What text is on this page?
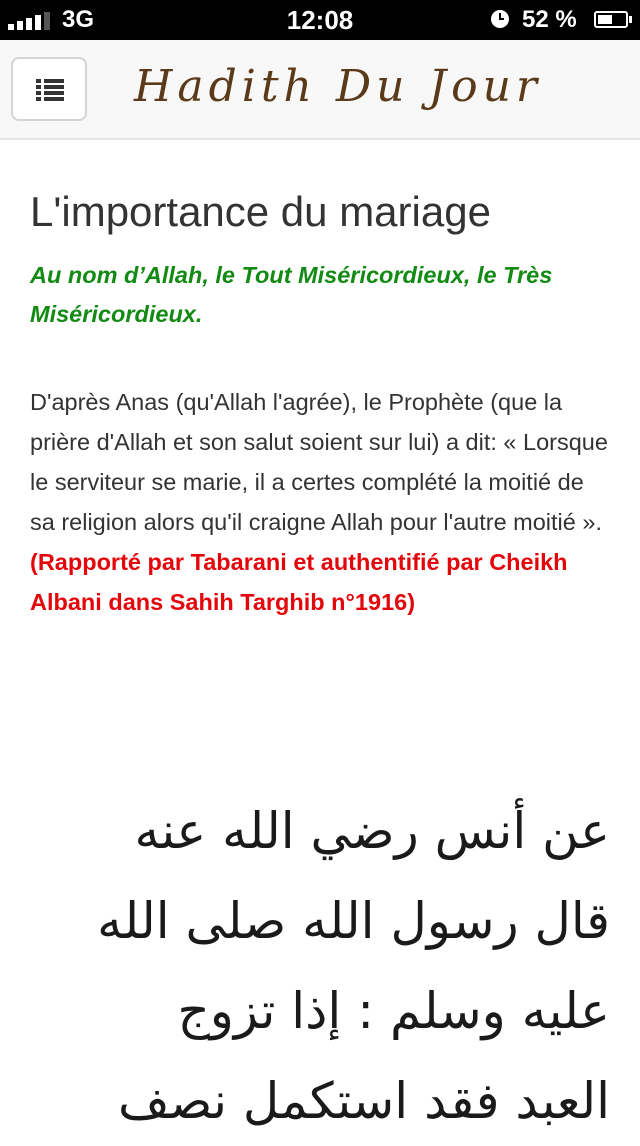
3G	12:08	52 %
Hadith Du Jour
L'importance du mariage

Au nom d’Allah, le Tout Miséricordieux, le Très Miséricordieux.

D'après Anas (qu'Allah l'agrée), le Prophète (que la prière d'Allah et son salut soient sur lui) a dit: « Lorsque le serviteur se marie, il a certes complété la moitié de sa religion alors qu'il craigne Allah pour l'autre moitié ».

(Rapporté par Tabarani et authentifié par Cheikh Albani dans Sahih Targhib n°1916)

عن أنس رضي الله عنه
قال رسول الله صلى الله
عليه وسلم : إذا تزوج
العبد فقد استكمل نصف
